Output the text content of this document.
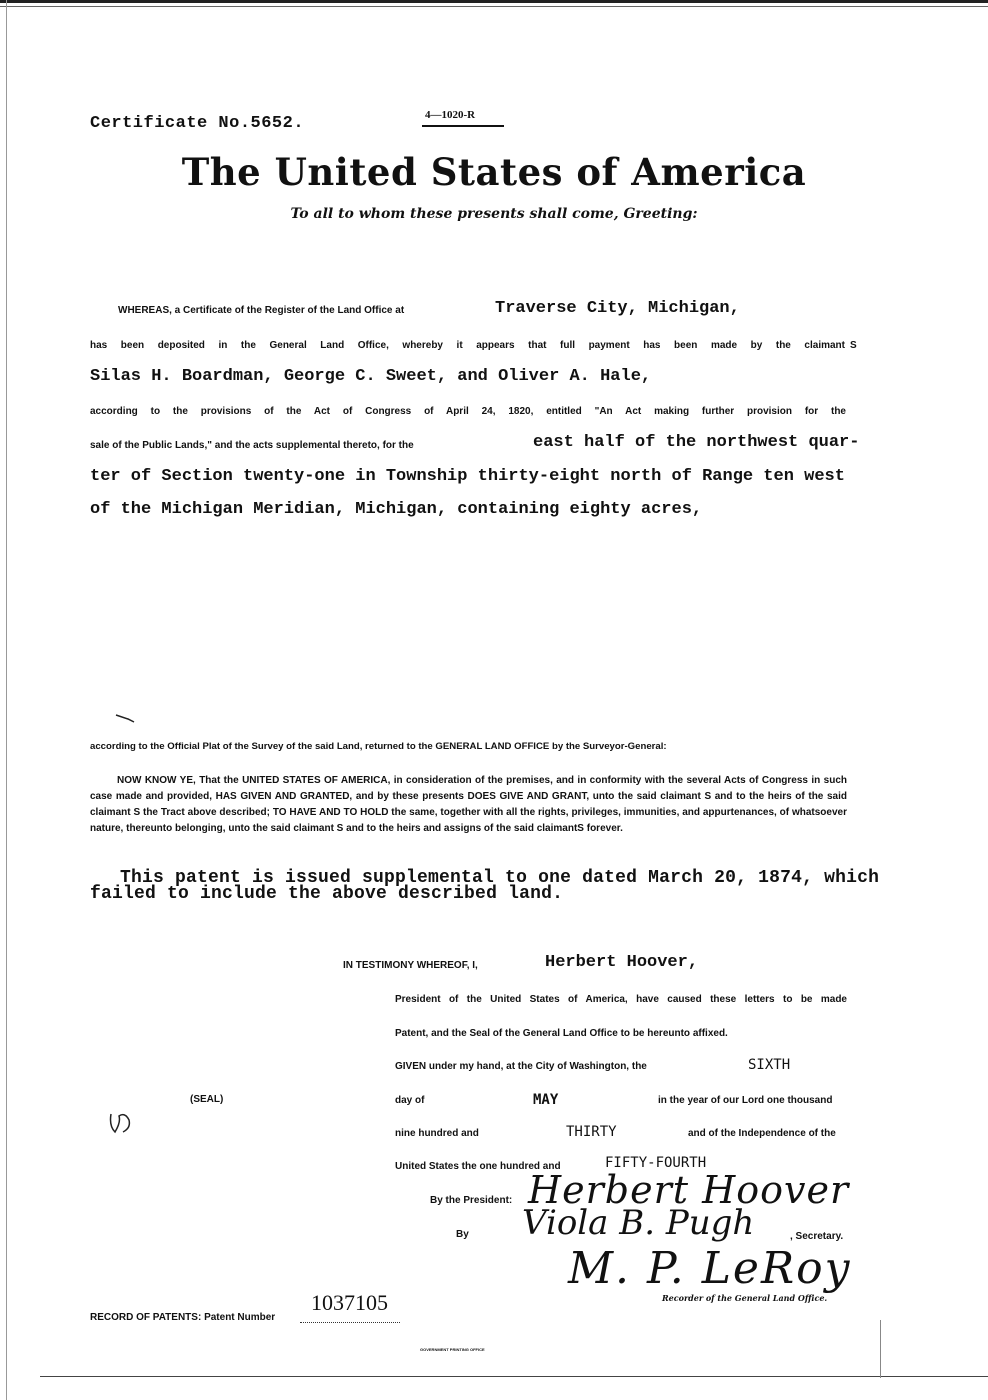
Certificate No.5652.	4—1020-R
The United States of America
To all to whom these presents shall come, Greeting:
WHEREAS, a Certificate of the Register of the Land Office at	Traverse City, Michigan,
has been deposited in the General Land Office, whereby it appears that full payment has been made by the claimant S
Silas H. Boardman, George C. Sweet, and Oliver A. Hale,
according to the provisions of the Act of Congress of April 24, 1820, entitled "An Act making further provision for the
sale of the Public Lands," and the acts supplemental thereto, for the	east half of the northwest quar-
ter of Section twenty-one in Township thirty-eight north of Range ten west
of the Michigan Meridian, Michigan, containing eighty acres,
according to the Official Plat of the Survey of the said Land, returned to the GENERAL LAND OFFICE by the Surveyor-General:
NOW KNOW YE, That the UNITED STATES OF AMERICA, in consideration of the premises, and in conformity with the several Acts of Congress in such case made and provided, HAS GIVEN AND GRANTED, and by these presents DOES GIVE AND GRANT, unto the said claimant S and to the heirs of the said claimant S the Tract above described; TO HAVE AND TO HOLD the same, together with all the rights, privileges, immunities, and appurtenances, of whatsoever nature, thereunto belonging, unto the said claimant S and to the heirs and assigns of the said claimantS forever.
This patent is issued supplemental to one dated March 20, 1874, which
failed to include the above described land.
IN TESTIMONY WHEREOF, I,	Herbert Hoover,
President of the United States of America, have caused these letters to be made
Patent, and the Seal of the General Land Office to be hereunto affixed.
GIVEN under my hand, at the City of Washington, the	SIXTH
day of	MAY	in the year of our Lord one thousand
nine hundred and	THIRTY	and of the Independence of the
United States the one hundred and	FIFTY-FOURTH
(SEAL)
By the President: Herbert Hoover
By Viola B. Pugh	, Secretary.
M. P. LeRoy
Recorder of the General Land Office.
RECORD OF PATENTS: Patent Number
1037105
GOVERNMENT PRINTING OFFICE
